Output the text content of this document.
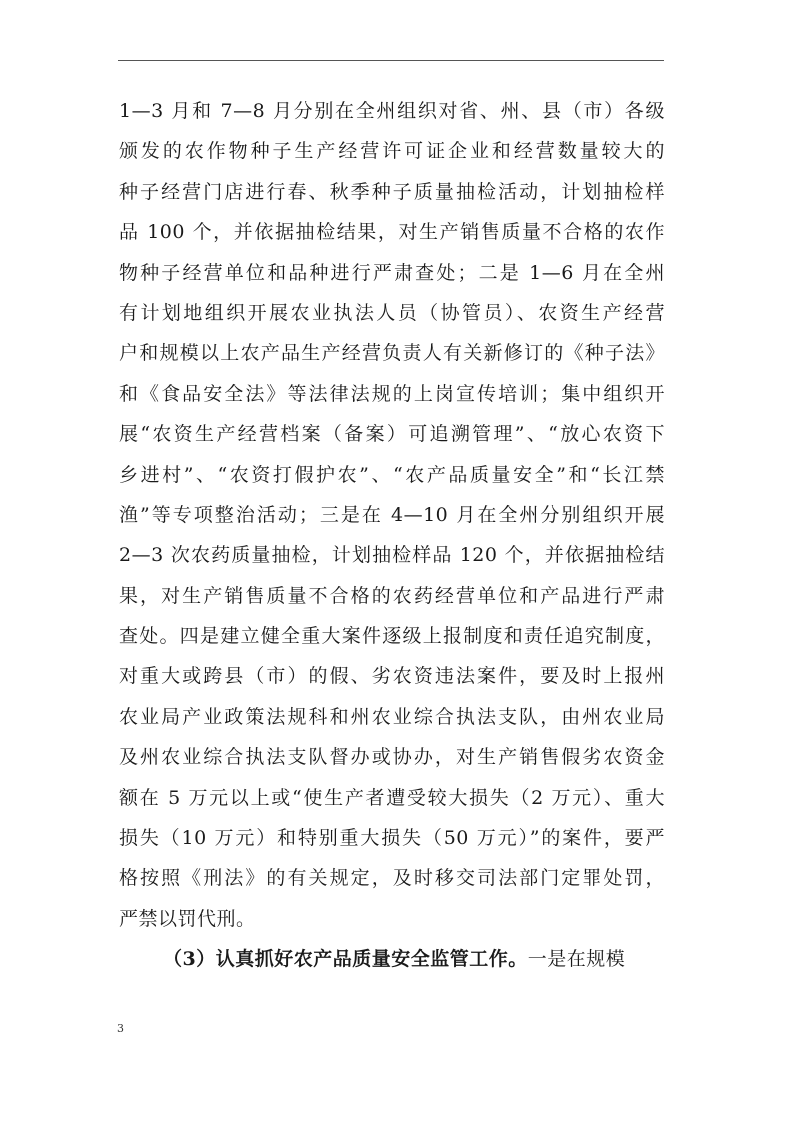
1—3 月和 7—8 月分别在全州组织对省、州、县（市）各级
颁发的农作物种子生产经营许可证企业和经营数量较大的
种子经营门店进行春、秋季种子质量抽检活动，计划抽检样
品 100 个，并依据抽检结果，对生产销售质量不合格的农作
物种子经营单位和品种进行严肃查处；二是 1—6 月在全州
有计划地组织开展农业执法人员（协管员）、农资生产经营
户和规模以上农产品生产经营负责人有关新修订的《种子法》
和《食品安全法》等法律法规的上岗宣传培训；集中组织开
展“农资生产经营档案（备案）可追溯管理”、“放心农资下
乡进村”、“农资打假护农”、“农产品质量安全”和“长江禁
渔”等专项整治活动；三是在 4—10 月在全州分别组织开展
2—3 次农药质量抽检，计划抽检样品 120 个，并依据抽检结
果，对生产销售质量不合格的农药经营单位和产品进行严肃
查处。四是建立健全重大案件逐级上报制度和责任追究制度，
对重大或跨县（市）的假、劣农资违法案件，要及时上报州
农业局产业政策法规科和州农业综合执法支队，由州农业局
及州农业综合执法支队督办或协办，对生产销售假劣农资金
额在 5 万元以上或“使生产者遭受较大损失（2 万元）、重大
损失（10 万元）和特别重大损失（50 万元）”的案件，要严
格按照《刑法》的有关规定，及时移交司法部门定罪处罚，
严禁以罚代刑。
（3）认真抓好农产品质量安全监管工作。一是在规模
3
